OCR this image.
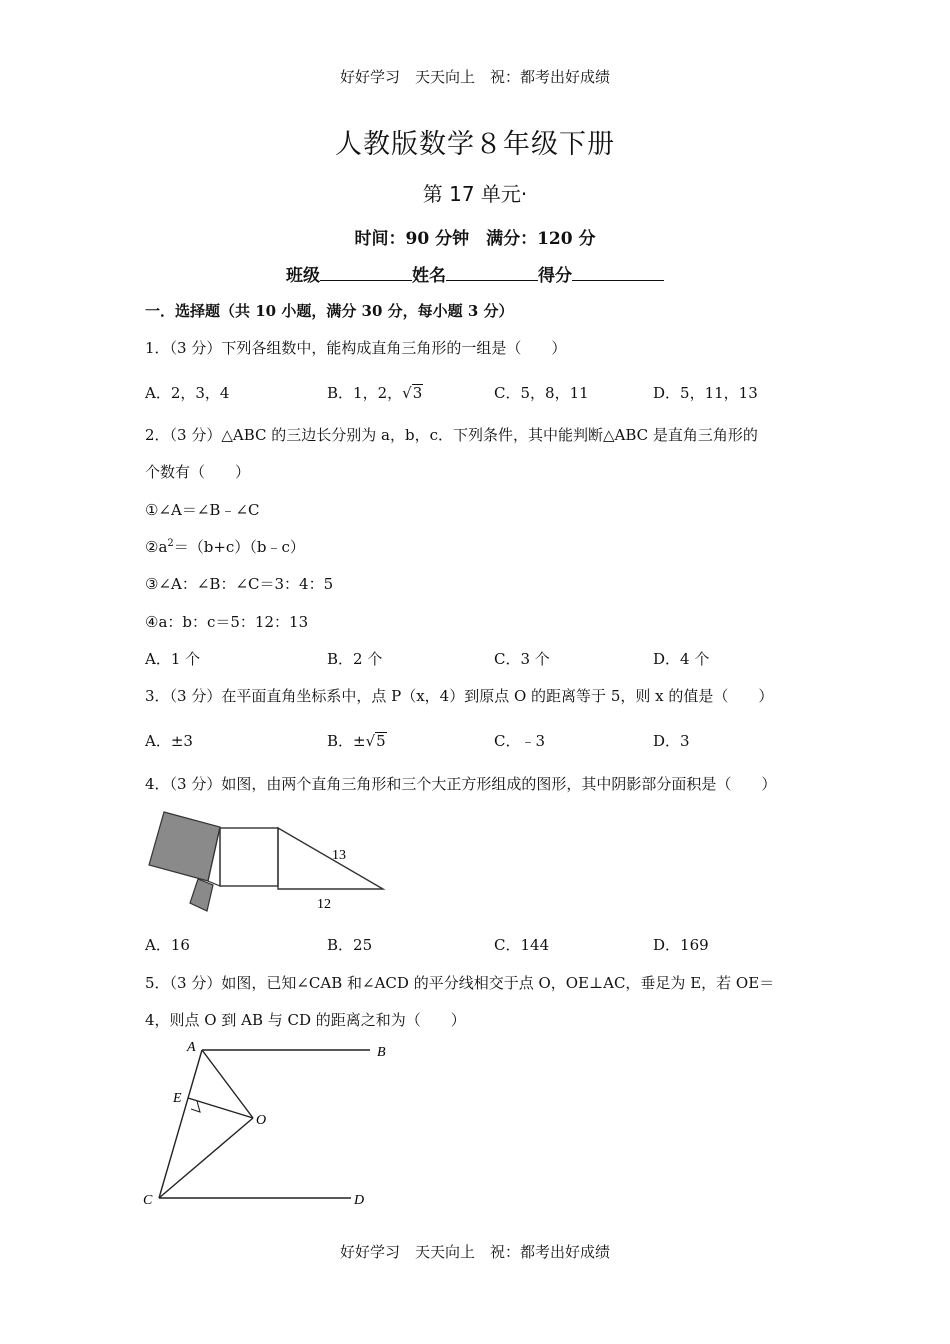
好好学习　天天向上　祝：都考出好成绩
人教版数学８年级下册
第 17 单元·
时间：90 分钟　满分：120 分
班级	姓名	得分
一．选择题（共 10 小题，满分 30 分，每小题 3 分）
1．（3 分）下列各组数中，能构成直角三角形的一组是（　　）
A．2，3，4	B．1，2，√3	C．5，8，11	D．5，11，13
2．（3 分）△ABC 的三边长分别为 a，b，c．下列条件，其中能判断△ABC 是直角三角形的
个数有（　　）
①∠A＝∠B﹣∠C
$②a^2=(b+c)(b﹣c)$
③∠A：∠B：∠C＝3：4：5
④a：b：c＝5：12：13
A．1 个	B．2 个	C．3 个	D．4 个
3．（3 分）在平面直角坐标系中，点 P（x，4）到原点 O 的距离等于 5，则 x 的值是（　　）
A．±3	B．±√5	C．﹣3	D．3
4．（3 分）如图，由两个直角三角形和三个大正方形组成的图形，其中阴影部分面积是（　　）
13
12
A．16	B．25	C．144	D．169
5．（3 分）如图，已知∠CAB 和∠ACD 的平分线相交于点 O，OE⊥AC，垂足为 E，若 OE＝
4，则点 O 到 AB 与 CD 的距离之和为（　　）
A	B
C	D
E
O
好好学习　天天向上　祝：都考出好成绩
